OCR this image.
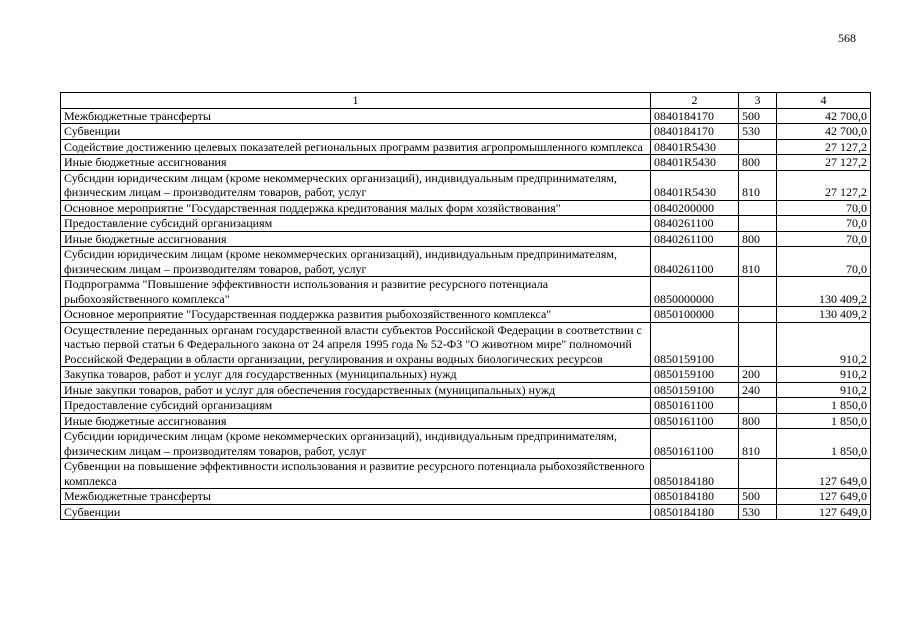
568
1	2	3	4
Межбюджетные трансферты	0840184170	500	42 700,0
Субвенции	0840184170	530	42 700,0
Содействие достижению целевых показателей региональных программ развития агропромышленного комплекса	08401R5430		27 127,2
Иные бюджетные ассигнования	08401R5430	800	27 127,2
Субсидии юридическим лицам (кроме некоммерческих организаций), индивидуальным предпринимателям, физическим лицам – производителям товаров, работ, услуг	08401R5430	810	27 127,2
Основное мероприятие "Государственная поддержка кредитования малых форм хозяйствования"	0840200000		70,0
Предоставление субсидий организациям	0840261100		70,0
Иные бюджетные ассигнования	0840261100	800	70,0
Субсидии юридическим лицам (кроме некоммерческих организаций), индивидуальным предпринимателям, физическим лицам – производителям товаров, работ, услуг	0840261100	810	70,0
Подпрограмма "Повышение эффективности использования и развитие ресурсного потенциала рыбохозяйственного комплекса"	0850000000		130 409,2
Основное мероприятие "Государственная поддержка развития рыбохозяйственного комплекса"	0850100000		130 409,2
Осуществление переданных органам государственной власти субъектов Российской Федерации в соответствии с частью первой статьи 6 Федерального закона от 24 апреля 1995 года № 52-ФЗ "О животном мире" полномочий Российской Федерации в области организации, регулирования и охраны водных биологических ресурсов	0850159100		910,2
Закупка товаров, работ и услуг для государственных (муниципальных) нужд	0850159100	200	910,2
Иные закупки товаров, работ и услуг для обеспечения государственных (муниципальных) нужд	0850159100	240	910,2
Предоставление субсидий организациям	0850161100		1 850,0
Иные бюджетные ассигнования	0850161100	800	1 850,0
Субсидии юридическим лицам (кроме некоммерческих организаций), индивидуальным предпринимателям, физическим лицам – производителям товаров, работ, услуг	0850161100	810	1 850,0
Субвенции на повышение эффективности использования и развитие ресурсного потенциала рыбохозяйственного комплекса	0850184180		127 649,0
Межбюджетные трансферты	0850184180	500	127 649,0
Субвенции	0850184180	530	127 649,0
